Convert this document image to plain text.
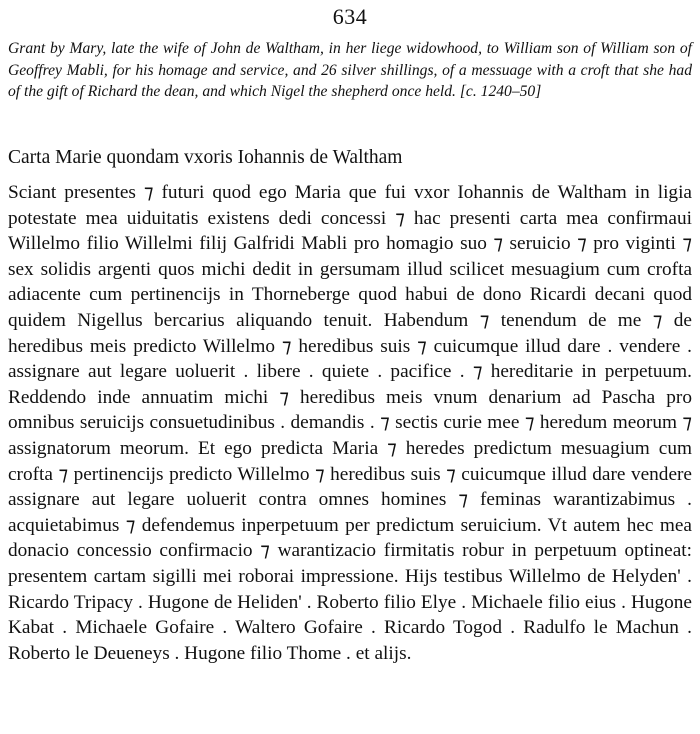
634
Grant by Mary, late the wife of John de Waltham, in her liege widowhood, to William son of William son of Geoffrey Mabli, for his homage and service, and 26 silver shillings, of a messuage with a croft that she had of the gift of Richard the dean, and which Nigel the shepherd once held. [c. 1240–50]
Carta Marie quondam vxoris Iohannis de Waltham
Sciant presentes ⁊ futuri quod ego Maria que fui vxor Iohannis de Waltham in ligia potestate mea uiduitatis existens dedi concessi ⁊ hac presenti carta mea confirmaui Willelmo filio Willelmi filij Galfridi Mabli pro homagio suo ⁊ seruicio ⁊ pro viginti ⁊ sex solidis argenti quos michi dedit in gersumam illud scilicet mesuagium cum crofta adiacente cum pertinencijs in Thorneberge quod habui de dono Ricardi decani quod quidem Nigellus bercarius aliquando tenuit. Habendum ⁊ tenendum de me ⁊ de heredibus meis predicto Willelmo ⁊ heredibus suis ⁊ cuicumque illud dare . vendere . assignare aut legare uoluerit . libere . quiete . pacifice . ⁊ hereditarie in perpetuum. Reddendo inde annuatim michi ⁊ heredibus meis vnum denarium ad Pascha pro omnibus seruicijs consuetudinibus . demandis . ⁊ sectis curie mee ⁊ heredum meorum ⁊ assignatorum meorum. Et ego predicta Maria ⁊ heredes predictum mesuagium cum crofta ⁊ pertinencijs predicto Willelmo ⁊ heredibus suis ⁊ cuicumque illud dare vendere assignare aut legare uoluerit contra omnes homines ⁊ feminas warantizabimus . acquietabimus ⁊ defendemus inperpetuum per predictum seruicium. Vt autem hec mea donacio concessio confirmacio ⁊ warantizacio firmitatis robur in perpetuum optineat: presentem cartam sigilli mei roborai impressione. Hijs testibus Willelmo de Helyden' . Ricardo Tripacy . Hugone de Heliden' . Roberto filio Elye . Michaele filio eius . Hugone Kabat . Michaele Gofaire . Waltero Gofaire . Ricardo Togod . Radulfo le Machun . Roberto le Deueneys . Hugone filio Thome . et alijs.
